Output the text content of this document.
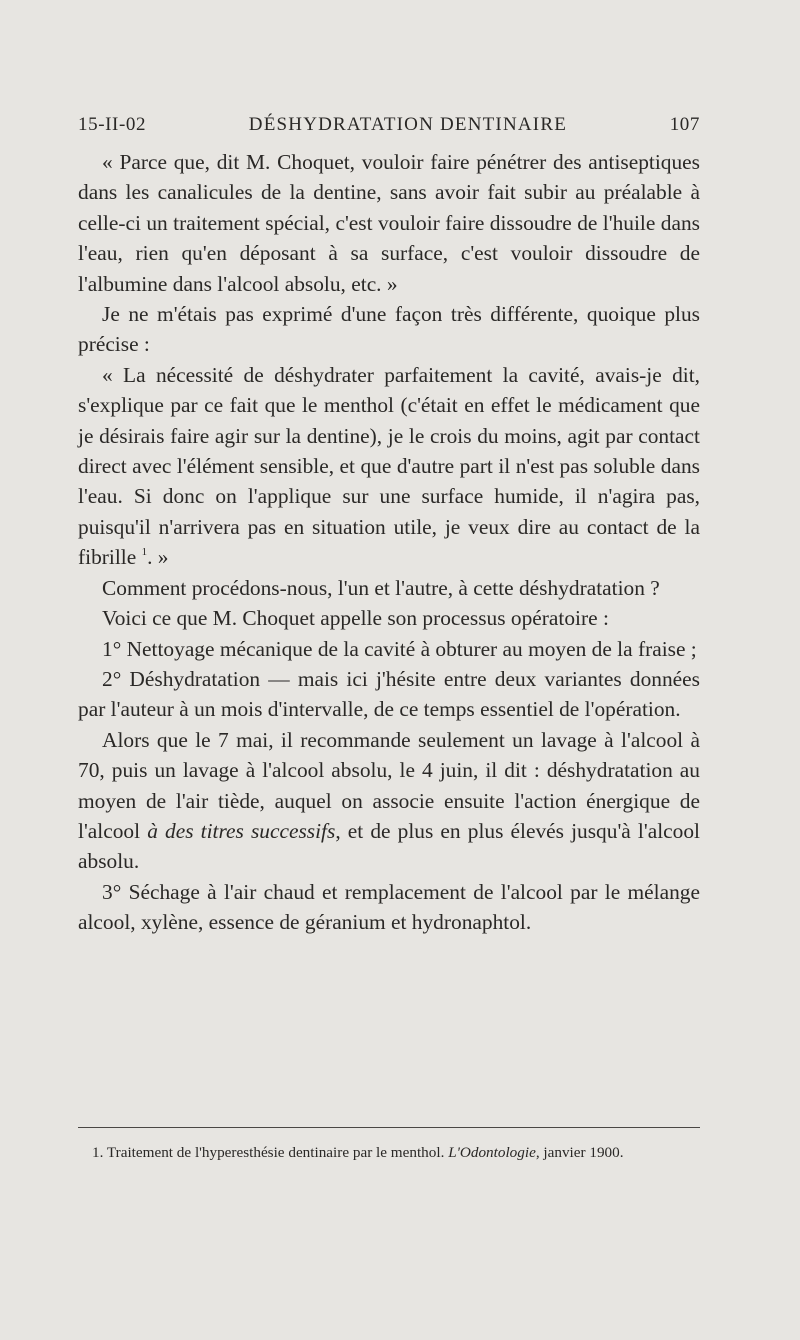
15-II-02	DÉSHYDRATATION DENTINAIRE	107

« Parce que, dit M. Choquet, vouloir faire pénétrer des antiseptiques dans les canalicules de la dentine, sans avoir fait subir au préalable à celle-ci un traitement spécial, c'est vouloir faire dissoudre de l'huile dans l'eau, rien qu'en déposant à sa surface, c'est vouloir dissoudre de l'albumine dans l'alcool absolu, etc. »

Je ne m'étais pas exprimé d'une façon très différente, quoique plus précise :

« La nécessité de déshydrater parfaitement la cavité, avais-je dit, s'explique par ce fait que le menthol (c'était en effet le médicament que je désirais faire agir sur la dentine), je le crois du moins, agit par contact direct avec l'élément sensible, et que d'autre part il n'est pas soluble dans l'eau. Si donc on l'applique sur une surface humide, il n'agira pas, puisqu'il n'arrivera pas en situation utile, je veux dire au contact de la fibrille $^1$. »

Comment procédons-nous, l'un et l'autre, à cette déshydratation ?

Voici ce que M. Choquet appelle son processus opératoire :

1° Nettoyage mécanique de la cavité à obturer au moyen de la fraise ;

2° Déshydratation — mais ici j'hésite entre deux variantes données par l'auteur à un mois d'intervalle, de ce temps essentiel de l'opération.

Alors que le 7 mai, il recommande seulement un lavage à l'alcool à 70, puis un lavage à l'alcool absolu, le 4 juin, il dit : déshydratation au moyen de l'air tiède, auquel on associe ensuite l'action énergique de l'alcool à des titres successifs, et de plus en plus élevés jusqu'à l'alcool absolu.

3° Séchage à l'air chaud et remplacement de l'alcool par le mélange alcool, xylène, essence de géranium et hydronaphtol.

1. Traitement de l'hyperesthésie dentinaire par le menthol. L'Odontologie, janvier 1900.
